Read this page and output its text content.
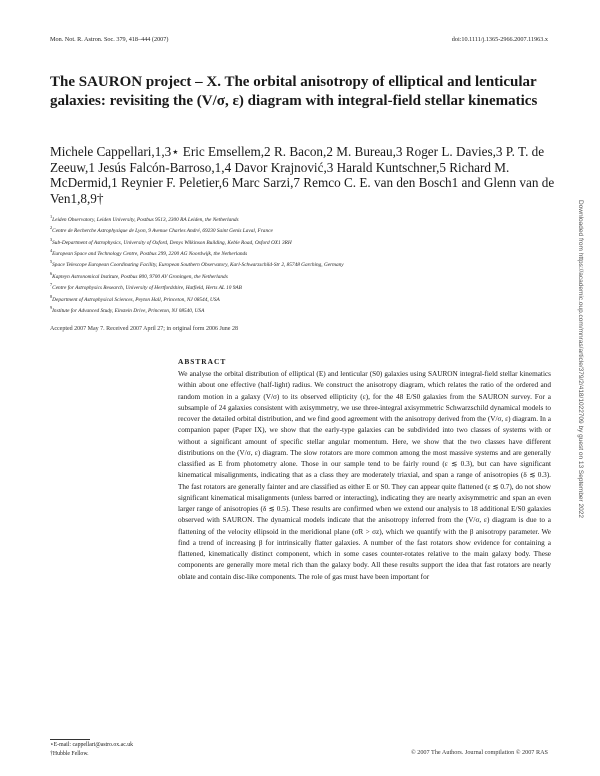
Mon. Not. R. Astron. Soc. 379, 418–444 (2007)	doi:10.1111/j.1365-2966.2007.11963.x
The SAURON project – X. The orbital anisotropy of elliptical and lenticular galaxies: revisiting the (V/σ, ε) diagram with integral-field stellar kinematics

Michele Cappellari,1,3⋆ Eric Emsellem,2 R. Bacon,2 M. Bureau,3 Roger L. Davies,3 P. T. de Zeeuw,1 Jesús Falcón-Barroso,1,4 Davor Krajnović,3 Harald Kuntschner,5 Richard M. McDermid,1 Reynier F. Peletier,6 Marc Sarzi,7 Remco C. E. van den Bosch1 and Glenn van de Ven1,8,9†

$^1$Leiden Observatory, Leiden University, Postbus 9513, 2300 RA Leiden, the Netherlands
$^2$Centre de Recherche Astrophysique de Lyon, 9 Avenue Charles André, 69230 Saint Genis Laval, France
$^3$Sub-Department of Astrophysics, University of Oxford, Denys Wilkinson Building, Keble Road, Oxford OX1 3RH
$^4$European Space and Technology Centre, Postbus 299, 2200 AG Noordwijk, the Netherlands
$^5$Space Telescope European Coordinating Facility, European Southern Observatory, Karl-Schwarzschild-Str 2, 85748 Garching, Germany
$^6$Kapteyn Astronomical Institute, Postbus 800, 9700 AV Groningen, the Netherlands
$^7$Centre for Astrophysics Research, University of Hertfordshire, Hatfield, Herts AL 10 9AB
$^8$Department of Astrophysical Sciences, Peyton Hall, Princeton, NJ 08544, USA
$^9$Institute for Advanced Study, Einstein Drive, Princeton, NJ 08540, USA
Accepted 2007 May 7. Received 2007 April 27; in original form 2006 June 28
ABSTRACT

We analyse the orbital distribution of elliptical (E) and lenticular (S0) galaxies using SAURON integral-field stellar kinematics within about one effective (half-light) radius. We construct the anisotropy diagram, which relates the ratio of the ordered and random motion in a galaxy (V/σ) to its observed ellipticity (ε), for the 48 E/S0 galaxies from the SAURON survey. For a subsample of 24 galaxies consistent with axisymmetry, we use three-integral axisymmetric Schwarzschild dynamical models to recover the detailed orbital distribution, and we find good agreement with the anisotropy derived from the (V/σ, ε) diagram. In a companion paper (Paper IX), we show that the early-type galaxies can be subdivided into two classes of systems with or without a significant amount of specific stellar angular momentum. Here, we show that the two classes have different distributions on the (V/σ, ε) diagram. The slow rotators are more common among the most massive systems and are generally classified as E from photometry alone. Those in our sample tend to be fairly round (ε ≲ 0.3), but can have significant kinematical misalignments, indicating that as a class they are moderately triaxial, and span a range of anisotropies (δ ≲ 0.3). The fast rotators are generally fainter and are classified as either E or S0. They can appear quite flattened (ε ≲ 0.7), do not show significant kinematical misalignments (unless barred or interacting), indicating they are nearly axisymmetric and span an even larger range of anisotropies (δ ≲ 0.5). These results are confirmed when we extend our analysis to 18 additional E/S0 galaxies observed with SAURON. The dynamical models indicate that the anisotropy inferred from the (V/σ, ε) diagram is due to a flattening of the velocity ellipsoid in the meridional plane (σR > σz), which we quantify with the β anisotropy parameter. We find a trend of increasing β for intrinsically flatter galaxies. A number of the fast rotators show evidence for containing a flattened, kinematically distinct component, which in some cases counter-rotates relative to the main galaxy body. These components are generally more metal rich than the galaxy body. All these results support the idea that fast rotators are nearly oblate and contain disc-like components. The role of gas must have been important for

⋆E-mail: cappellari@astro.ox.ac.uk
†Hubble Fellow.	© 2007 The Authors. Journal compilation © 2007 RAS
Downloaded from https://academic.oup.com/mnras/article/379/2/418/1022709 by guest on 13 September 2022
